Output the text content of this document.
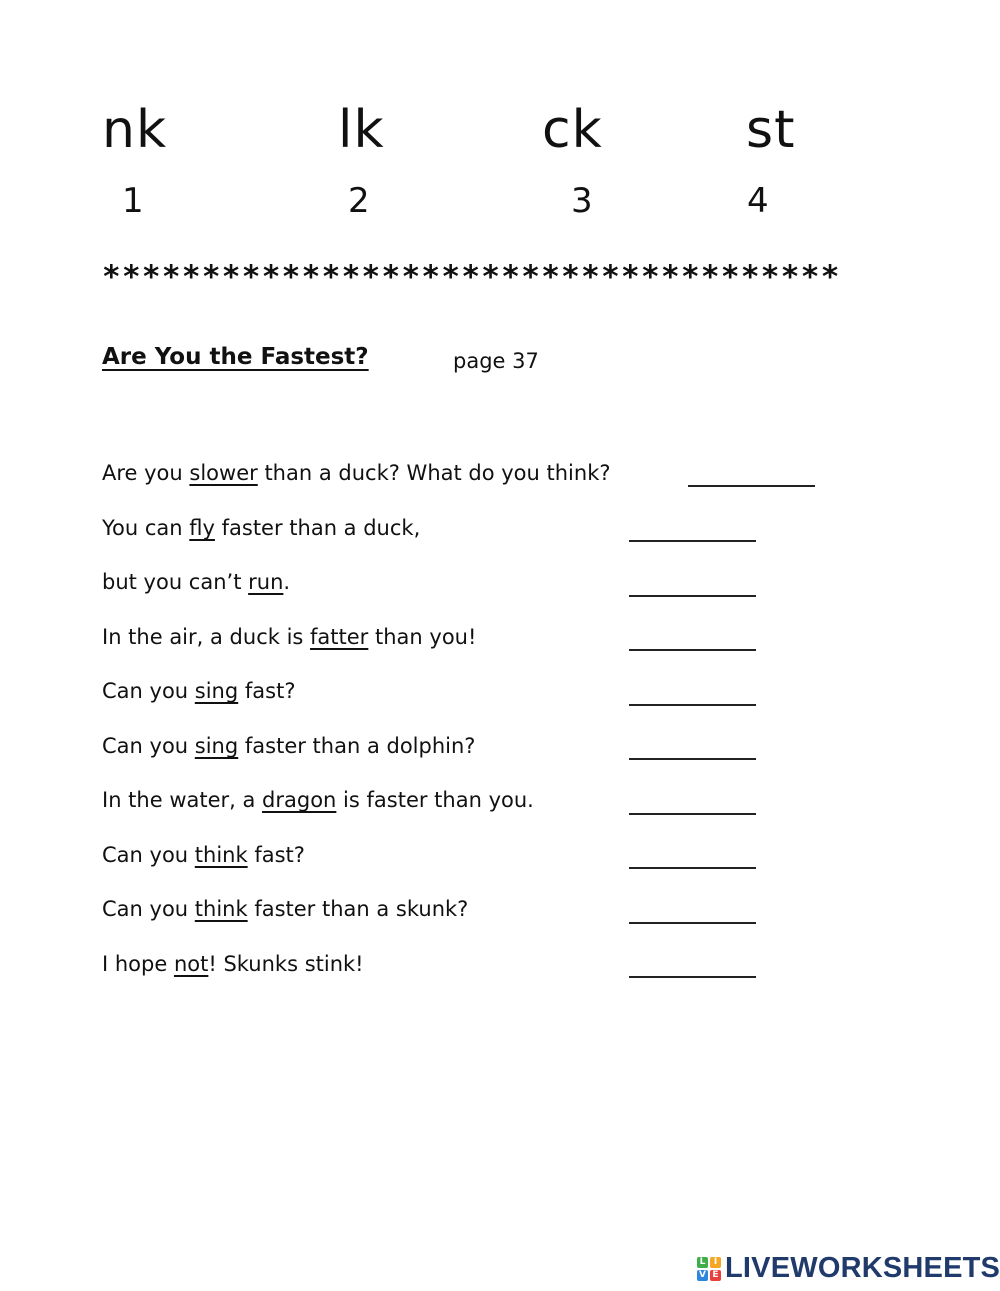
nk	lk	ck	st
1	2	3	4
*************************************
Are You the Fastest?	page 37
Are you slower than a duck? What do you think?
You can fly faster than a duck,
but you can’t run.
In the air, a duck is fatter than you!
Can you sing fast?
Can you sing faster than a dolphin?
In the water, a dragon is faster than you.
Can you think fast?
Can you think faster than a skunk?
I hope not! Skunks stink!
L I
V E LIVEWORKSHEETS
